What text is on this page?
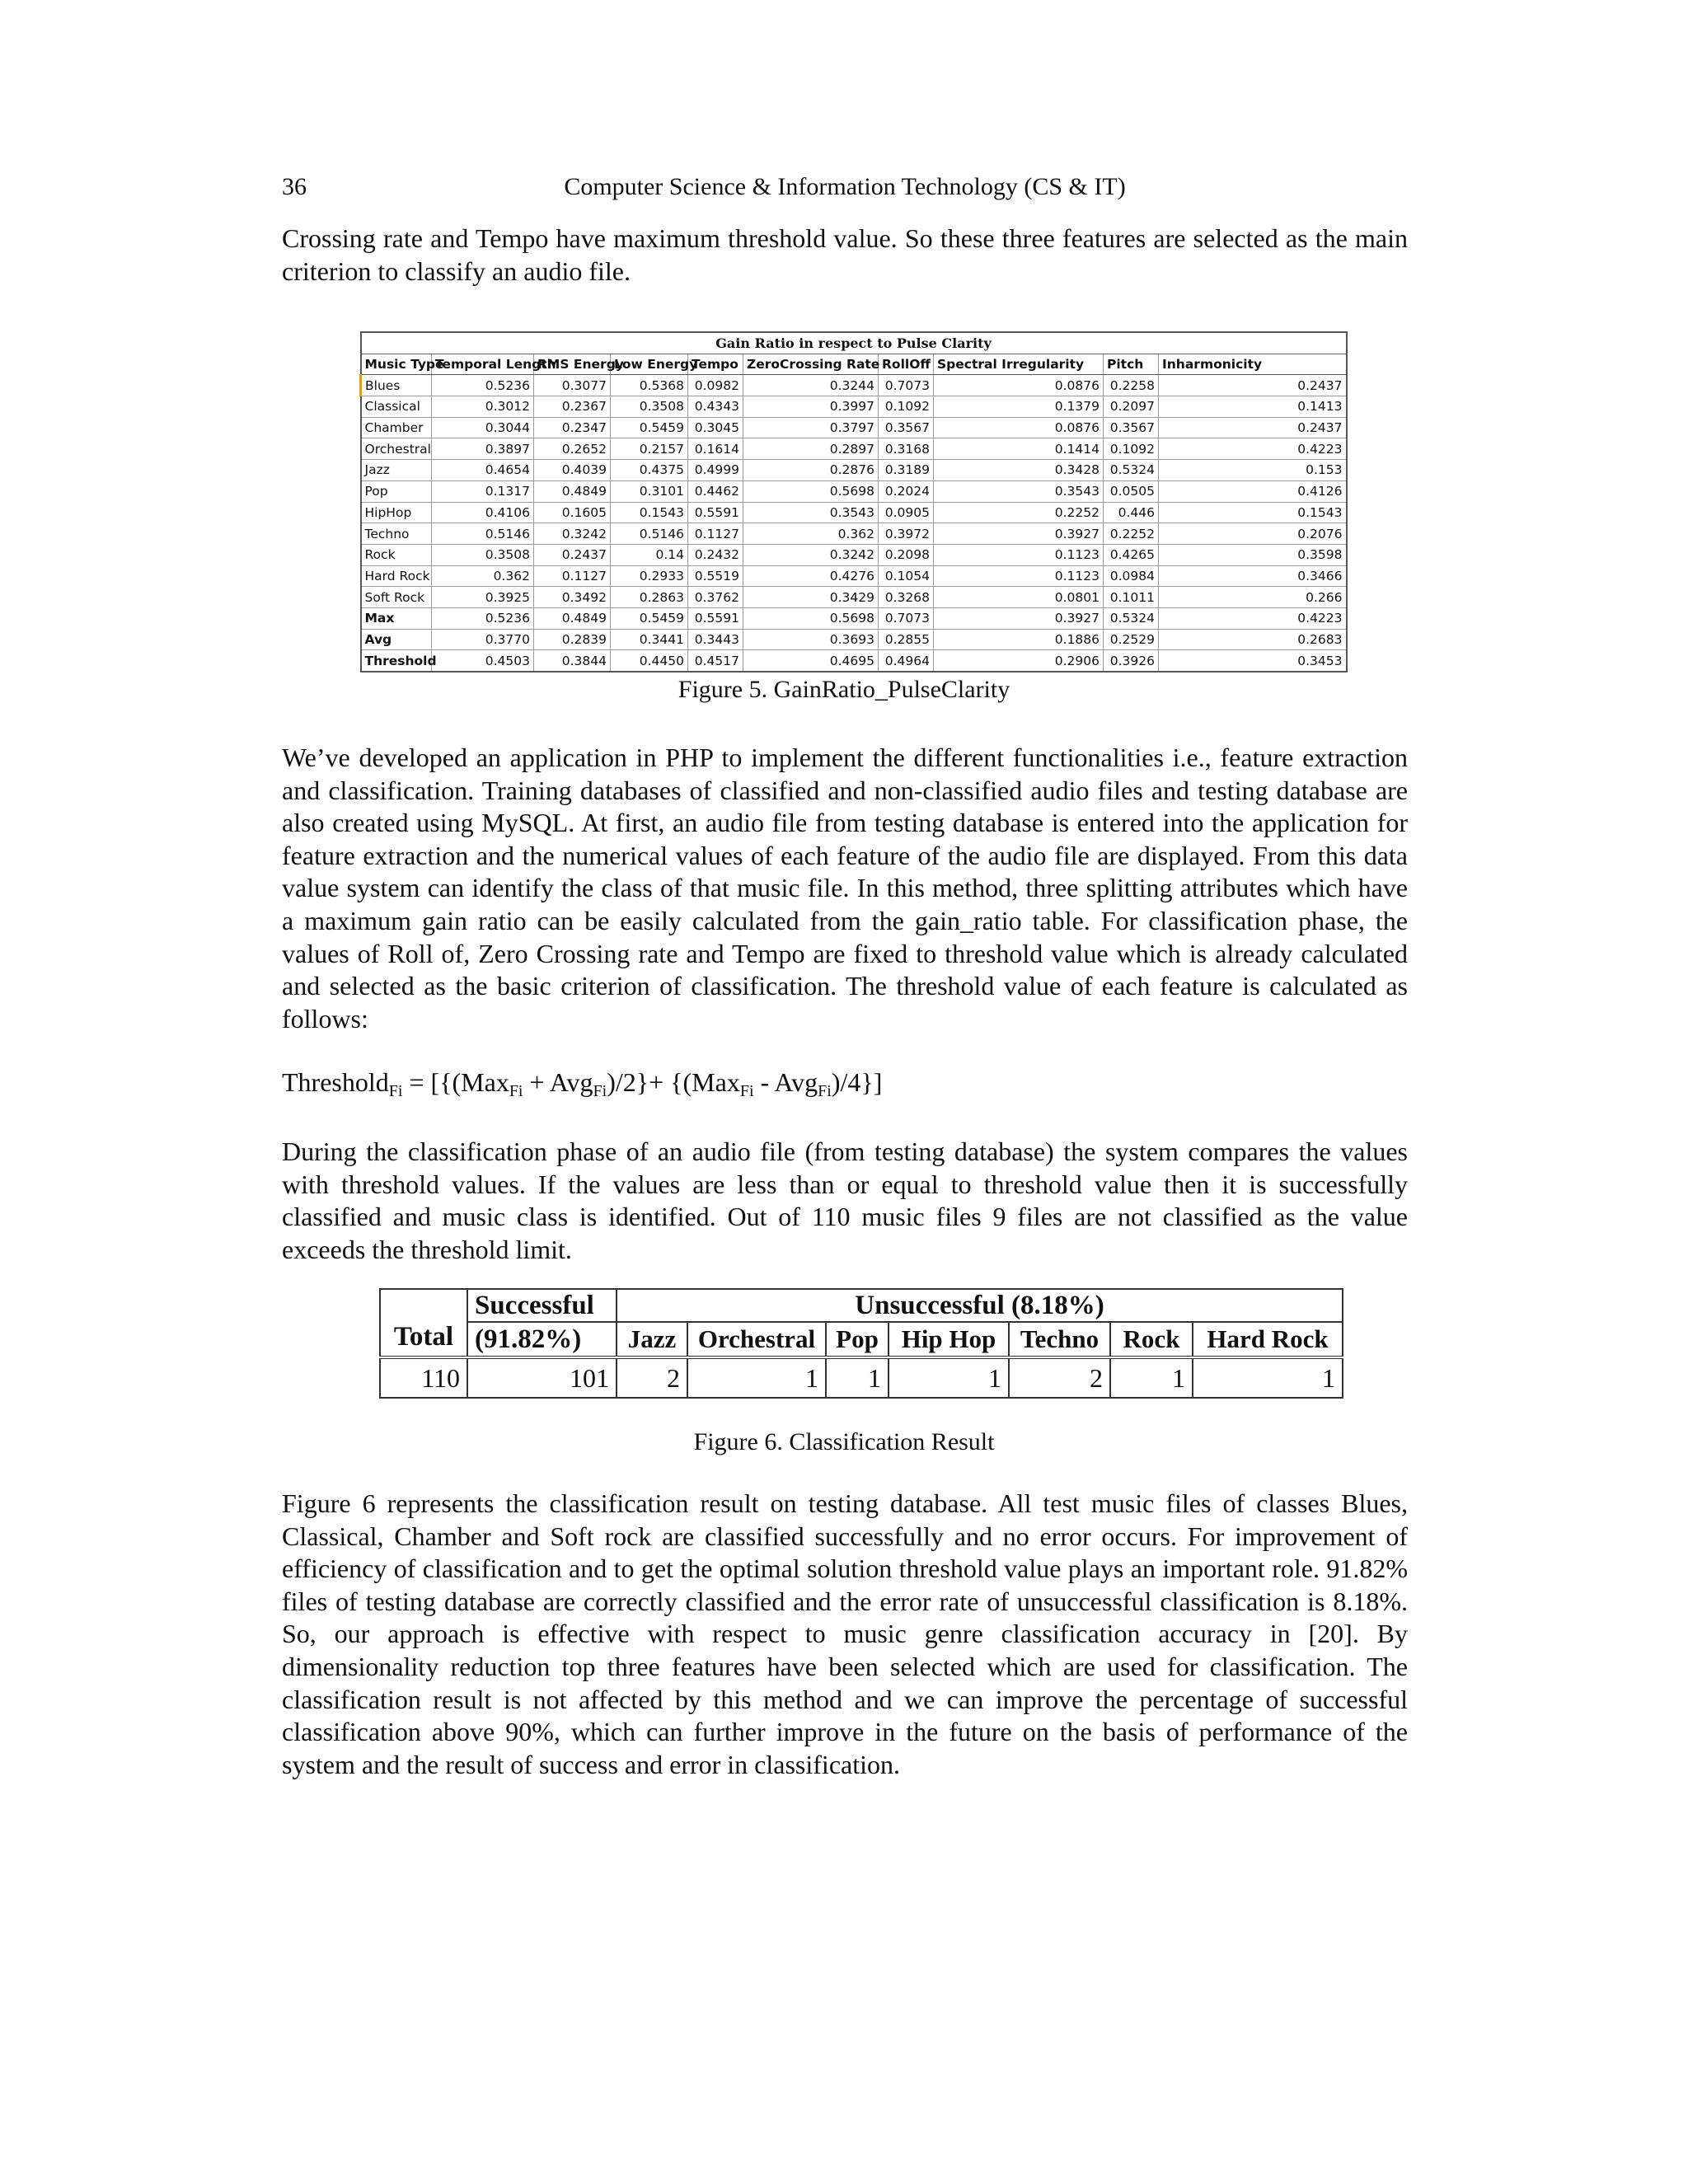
36	Computer Science & Information Technology (CS & IT)

Crossing rate and Tempo have maximum threshold value. So these three features are selected as the main criterion to classify an audio file.

Gain Ratio in respect to Pulse Clarity									
Music Type	Temporal Length	RMS Energy	Low Energy	Tempo	ZeroCrossing Rate	RollOff	Spectral Irregularity	Pitch	Inharmonicity
Blues	0.5236	0.3077	0.5368	0.0982	0.3244	0.7073	0.0876	0.2258	0.2437
Classical	0.3012	0.2367	0.3508	0.4343	0.3997	0.1092	0.1379	0.2097	0.1413
Chamber	0.3044	0.2347	0.5459	0.3045	0.3797	0.3567	0.0876	0.3567	0.2437
Orchestral	0.3897	0.2652	0.2157	0.1614	0.2897	0.3168	0.1414	0.1092	0.4223
Jazz	0.4654	0.4039	0.4375	0.4999	0.2876	0.3189	0.3428	0.5324	0.153
Pop	0.1317	0.4849	0.3101	0.4462	0.5698	0.2024	0.3543	0.0505	0.4126
HipHop	0.4106	0.1605	0.1543	0.5591	0.3543	0.0905	0.2252	0.446	0.1543
Techno	0.5146	0.3242	0.5146	0.1127	0.362	0.3972	0.3927	0.2252	0.2076
Rock	0.3508	0.2437	0.14	0.2432	0.3242	0.2098	0.1123	0.4265	0.3598
Hard Rock	0.362	0.1127	0.2933	0.5519	0.4276	0.1054	0.1123	0.0984	0.3466
Soft Rock	0.3925	0.3492	0.2863	0.3762	0.3429	0.3268	0.0801	0.1011	0.266
Max	0.5236	0.4849	0.5459	0.5591	0.5698	0.7073	0.3927	0.5324	0.4223
Avg	0.3770	0.2839	0.3441	0.3443	0.3693	0.2855	0.1886	0.2529	0.2683
Threshold	0.4503	0.3844	0.4450	0.4517	0.4695	0.4964	0.2906	0.3926	0.3453
Figure 5. GainRatio_PulseClarity

We’ve developed an application in PHP to implement the different functionalities i.e., feature extraction and classification. Training databases of classified and non-classified audio files and testing database are also created using MySQL. At first, an audio file from testing database is entered into the application for feature extraction and the numerical values of each feature of the audio file are displayed. From this data value system can identify the class of that music file. In this method, three splitting attributes which have a maximum gain ratio can be easily calculated from the gain_ratio table. For classification phase, the values of Roll of, Zero Crossing rate and Tempo are fixed to threshold value which is already calculated and selected as the basic criterion of classification. The threshold value of each feature is calculated as follows:

Threshold$_{Fi}$ = [{(Max$_{Fi}$ + Avg$_{Fi}$)/2}+ {(Max$_{Fi}$ - Avg$_{Fi}$)/4}]

During the classification phase of an audio file (from testing database) the system compares the values with threshold values. If the values are less than or equal to threshold value then it is successfully classified and music class is identified. Out of 110 music files 9 files are not classified as the value exceeds the threshold limit.

Total	Successful	Unsuccessful (8.18%)						
	(91.82%)	Jazz	Orchestral	Pop	Hip Hop	Techno	Rock	Hard Rock
110	101	2	1	1	1	2	1	1
Figure 6. Classification Result

Figure 6 represents the classification result on testing database. All test music files of classes Blues, Classical, Chamber and Soft rock are classified successfully and no error occurs. For improvement of efficiency of classification and to get the optimal solution threshold value plays an important role. 91.82% files of testing database are correctly classified and the error rate of unsuccessful classification is 8.18%. So, our approach is effective with respect to music genre classification accuracy in [20]. By dimensionality reduction top three features have been selected which are used for classification. The classification result is not affected by this method and we can improve the percentage of successful classification above 90%, which can further improve in the future on the basis of performance of the system and the result of success and error in classification.
